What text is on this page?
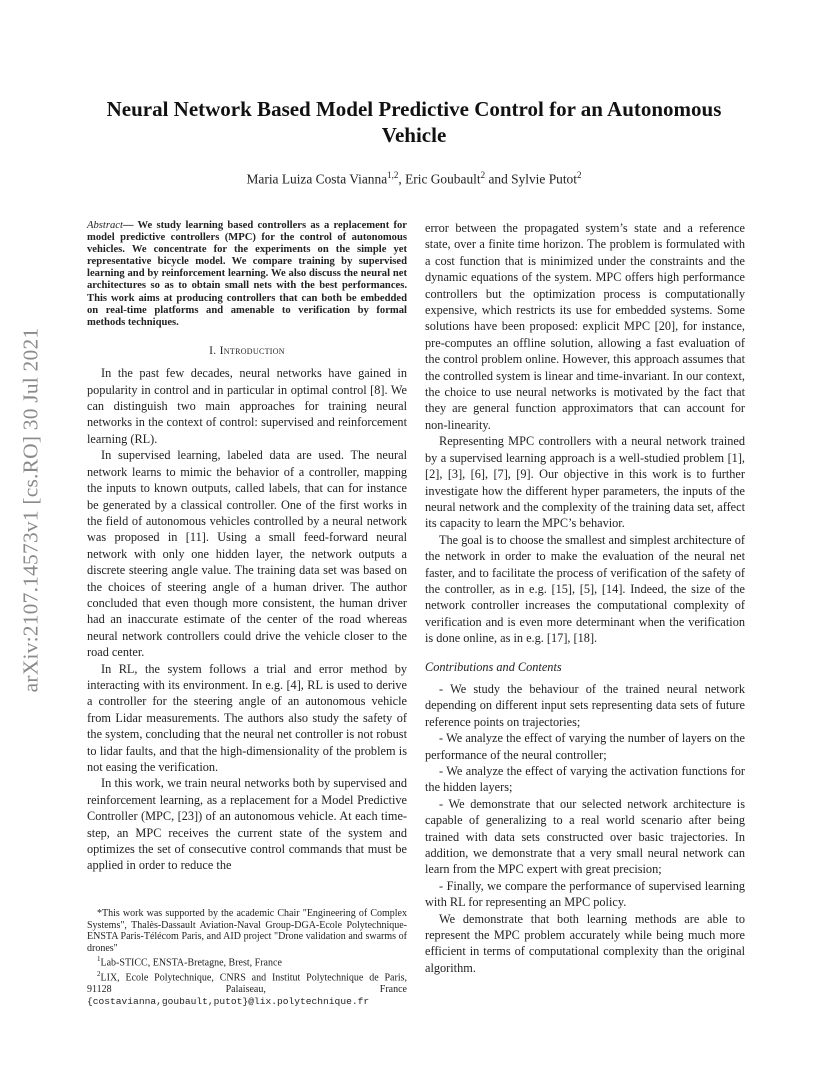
arXiv:2107.14573v1 [cs.RO] 30 Jul 2021
Neural Network Based Model Predictive Control for an Autonomous Vehicle
Maria Luiza Costa Vianna$^{1,2}$, Eric Goubault$^2$ and Sylvie Putot$^2$

Abstract— We study learning based controllers as a replacement for model predictive controllers (MPC) for the control of autonomous vehicles. We concentrate for the experiments on the simple yet representative bicycle model. We compare training by supervised learning and by reinforcement learning. We also discuss the neural net architectures so as to obtain small nets with the best performances. This work aims at producing controllers that can both be embedded on real-time platforms and amenable to verification by formal methods techniques.

I. Introduction

In the past few decades, neural networks have gained in popularity in control and in particular in optimal control [8]. We can distinguish two main approaches for training neural networks in the context of control: supervised and reinforcement learning (RL).

In supervised learning, labeled data are used. The neural network learns to mimic the behavior of a controller, mapping the inputs to known outputs, called labels, that can for instance be generated by a classical controller. One of the first works in the field of autonomous vehicles controlled by a neural network was proposed in [11]. Using a small feed-forward neural network with only one hidden layer, the network outputs a discrete steering angle value. The training data set was based on the choices of steering angle of a human driver. The author concluded that even though more consistent, the human driver had an inaccurate estimate of the center of the road whereas neural network controllers could drive the vehicle closer to the road center.

In RL, the system follows a trial and error method by interacting with its environment. In e.g. [4], RL is used to derive a controller for the steering angle of an autonomous vehicle from Lidar measurements. The authors also study the safety of the system, concluding that the neural net controller is not robust to lidar faults, and that the high-dimensionality of the problem is not easing the verification.

In this work, we train neural networks both by supervised and reinforcement learning, as a replacement for a Model Predictive Controller (MPC, [23]) of an autonomous vehicle. At each time-step, an MPC receives the current state of the system and optimizes the set of consecutive control commands that must be applied in order to reduce the

*This work was supported by the academic Chair "Engineering of Complex Systems", Thalès-Dassault Aviation-Naval Group-DGA-Ecole Polytechnique-ENSTA Paris-Télécom Paris, and AID project "Drone validation and swarms of drones"

$^1$Lab-STICC, ENSTA-Bretagne, Brest, France

$^2$LIX, Ecole Polytechnique, CNRS and Institut Polytechnique de Paris, 91128 Palaiseau, France {costavianna,goubault,putot}@lix.polytechnique.fr

error between the propagated system’s state and a reference state, over a finite time horizon. The problem is formulated with a cost function that is minimized under the constraints and the dynamic equations of the system. MPC offers high performance controllers but the optimization process is computationally expensive, which restricts its use for embedded systems. Some solutions have been proposed: explicit MPC [20], for instance, pre-computes an offline solution, allowing a fast evaluation of the control problem online. However, this approach assumes that the controlled system is linear and time-invariant. In our context, the choice to use neural networks is motivated by the fact that they are general function approximators that can account for non-linearity.

Representing MPC controllers with a neural network trained by a supervised learning approach is a well-studied problem [1], [2], [3], [6], [7], [9]. Our objective in this work is to further investigate how the different hyper parameters, the inputs of the neural network and the complexity of the training data set, affect its capacity to learn the MPC’s behavior.

The goal is to choose the smallest and simplest architecture of the network in order to make the evaluation of the neural net faster, and to facilitate the process of verification of the safety of the controller, as in e.g. [15], [5], [14]. Indeed, the size of the network controller increases the computational complexity of verification and is even more determinant when the verification is done online, as in e.g. [17], [18].

Contributions and Contents

- We study the behaviour of the trained neural network depending on different input sets representing data sets of future reference points on trajectories;

- We analyze the effect of varying the number of layers on the performance of the neural controller;

- We analyze the effect of varying the activation functions for the hidden layers;

- We demonstrate that our selected network architecture is capable of generalizing to a real world scenario after being trained with data sets constructed over basic trajectories. In addition, we demonstrate that a very small neural network can learn from the MPC expert with great precision;

- Finally, we compare the performance of supervised learning with RL for representing an MPC policy.

We demonstrate that both learning methods are able to represent the MPC problem accurately while being much more efficient in terms of computational complexity than the original algorithm.
